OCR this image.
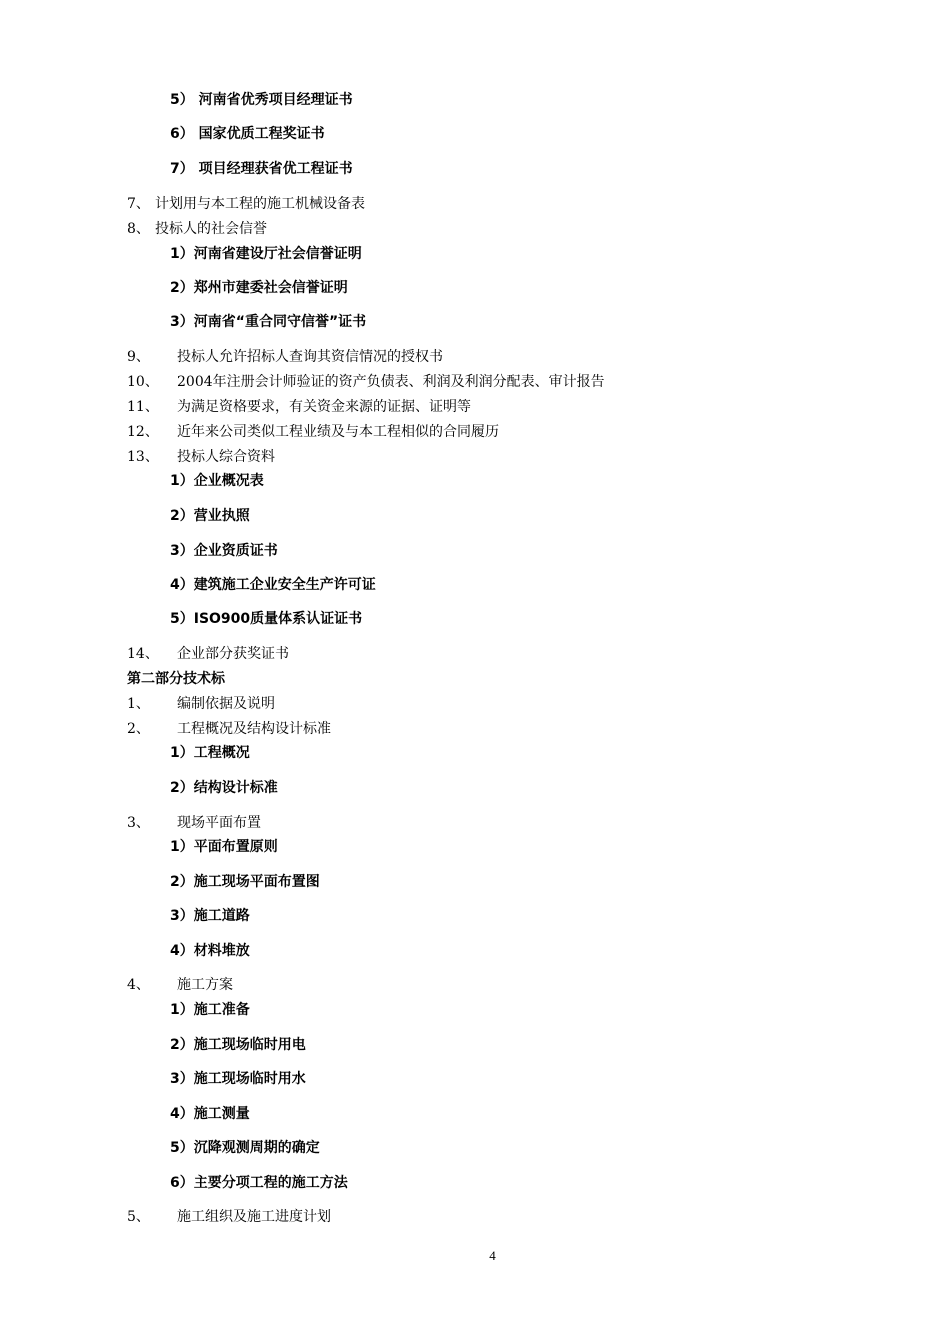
5） 河南省优秀项目经理证书
6） 国家优质工程奖证书
7） 项目经理获省优工程证书
7、 计划用与本工程的施工机械设备表
8、 投标人的社会信誉
1）河南省建设厅社会信誉证明
2）郑州市建委社会信誉证明
3）河南省“重合同守信誉”证书
9、 投标人允许招标人查询其资信情况的授权书
10、 2004年注册会计师验证的资产负债表、利润及利润分配表、审计报告
11、 为满足资格要求，有关资金来源的证据、证明等
12、 近年来公司类似工程业绩及与本工程相似的合同履历
13、 投标人综合资料
1）企业概况表
2）营业执照
3）企业资质证书
4）建筑施工企业安全生产许可证
5）ISO900质量体系认证证书
14、 企业部分获奖证书
第二部分技术标
1、 编制依据及说明
2、 工程概况及结构设计标准
1）工程概况
2）结构设计标准
3、 现场平面布置
1）平面布置原则
2）施工现场平面布置图
3）施工道路
4）材料堆放
4、 施工方案
1）施工准备
2）施工现场临时用电
3）施工现场临时用水
4）施工测量
5）沉降观测周期的确定
6）主要分项工程的施工方法
5、 施工组织及施工进度计划
4
